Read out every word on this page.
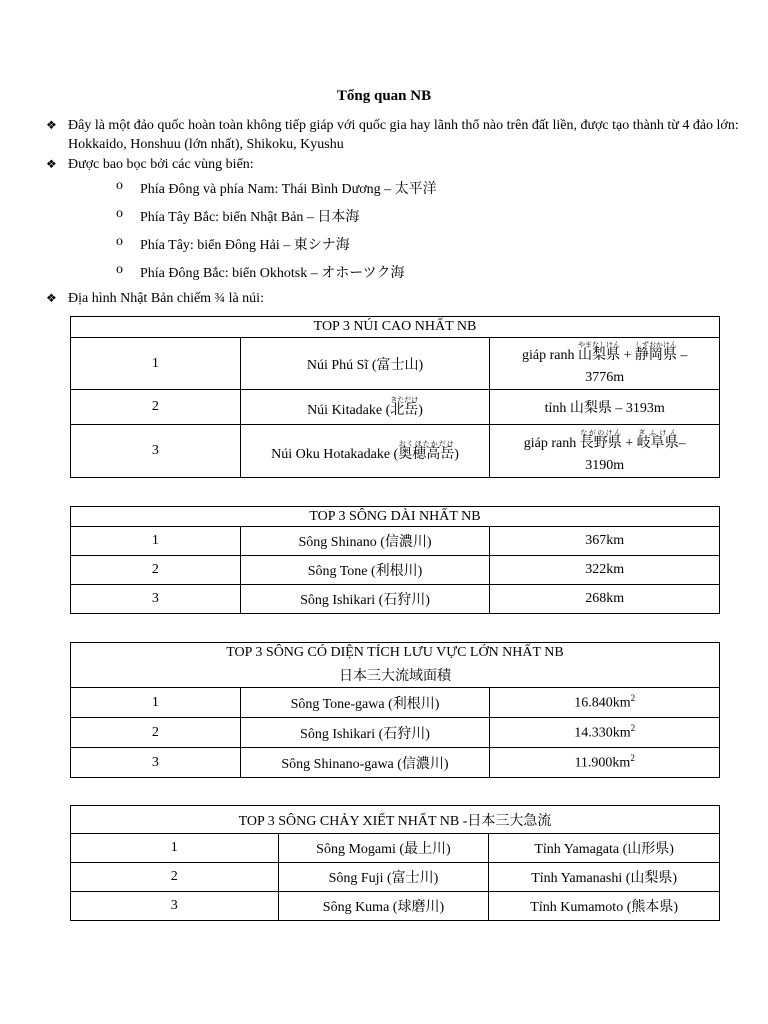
Tổng quan NB
❖ Đây là một đảo quốc hoàn toàn không tiếp giáp với quốc gia hay lãnh thổ nào trên đất liền, được tạo thành từ 4 đảo lớn: Hokkaido, Honshuu (lớn nhất), Shikoku, Kyushu
❖ Được bao bọc bởi các vùng biển:
o Phía Đông và phía Nam: Thái Bình Dương – 太平洋
o Phía Tây Bắc: biển Nhật Bản – 日本海
o Phía Tây: biển Đông Hải – 東シナ海
o Phía Đông Bắc: biển Okhotsk – オホーツク海
❖ Địa hình Nhật Bản chiếm ¾ là núi:
TOP 3 NÚI CAO NHẤT NB		
1	Núi Phú Sĩ (富士山)	giáp ranh 山梨県やまなしけん + 静岡県しずおかけん –
3776m

2	Núi Kitadake (北岳きただけ)	tỉnh 山梨県 – 3193m
3	Núi Oku Hotakadake (奥穂高岳おくほたかだけ)	giáp ranh 長野県ながのけん + 岐阜県ぎふけん–
3190m
TOP 3 SÔNG DÀI NHẤT NB		
1	Sông Shinano (信濃川)	367km
2	Sông Tone (利根川)	322km
3	Sông Ishikari (石狩川)	268km
TOP 3 SÔNG CÓ DIỆN TÍCH LƯU VỰC LỚN NHẤT NB
日本三大流域面積		

1	Sông Tone-gawa (利根川)	$16.840km^2$
2	Sông Ishikari (石狩川)	$14.330km^2$
3	Sông Shinano-gawa (信濃川)	$11.900km^2$
TOP 3 SÔNG CHẢY XIẾT NHẤT NB -日本三大急流		
1	Sông Mogami (最上川)	Tỉnh Yamagata (山形県)
2	Sông Fuji (富士川)	Tỉnh Yamanashi (山梨県)
3	Sông Kuma (球磨川)	Tỉnh Kumamoto (熊本県)
